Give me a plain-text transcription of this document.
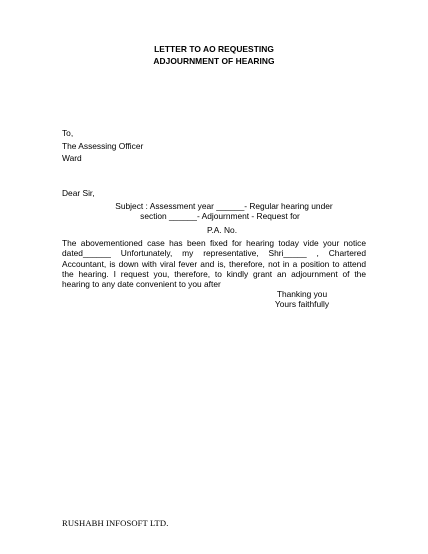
LETTER TO AO REQUESTING
ADJOURNMENT OF HEARING
To,
The Assessing Officer
Ward
Dear Sir,
Subject : Assessment year ______- Regular hearing under
section ______- Adjournment - Request for
P.A. No.
The abovementioned case has been fixed for hearing today vide your notice
dated______ Unfortunately, my representative, Shri_____ , Chartered
Accountant, is down with viral fever and is, therefore, not in a position to attend
the hearing. I request you, therefore, to kindly grant an adjournment of the
hearing to any date convenient to you after
Thanking you
Yours faithfully
RUSHABH INFOSOFT LTD.
